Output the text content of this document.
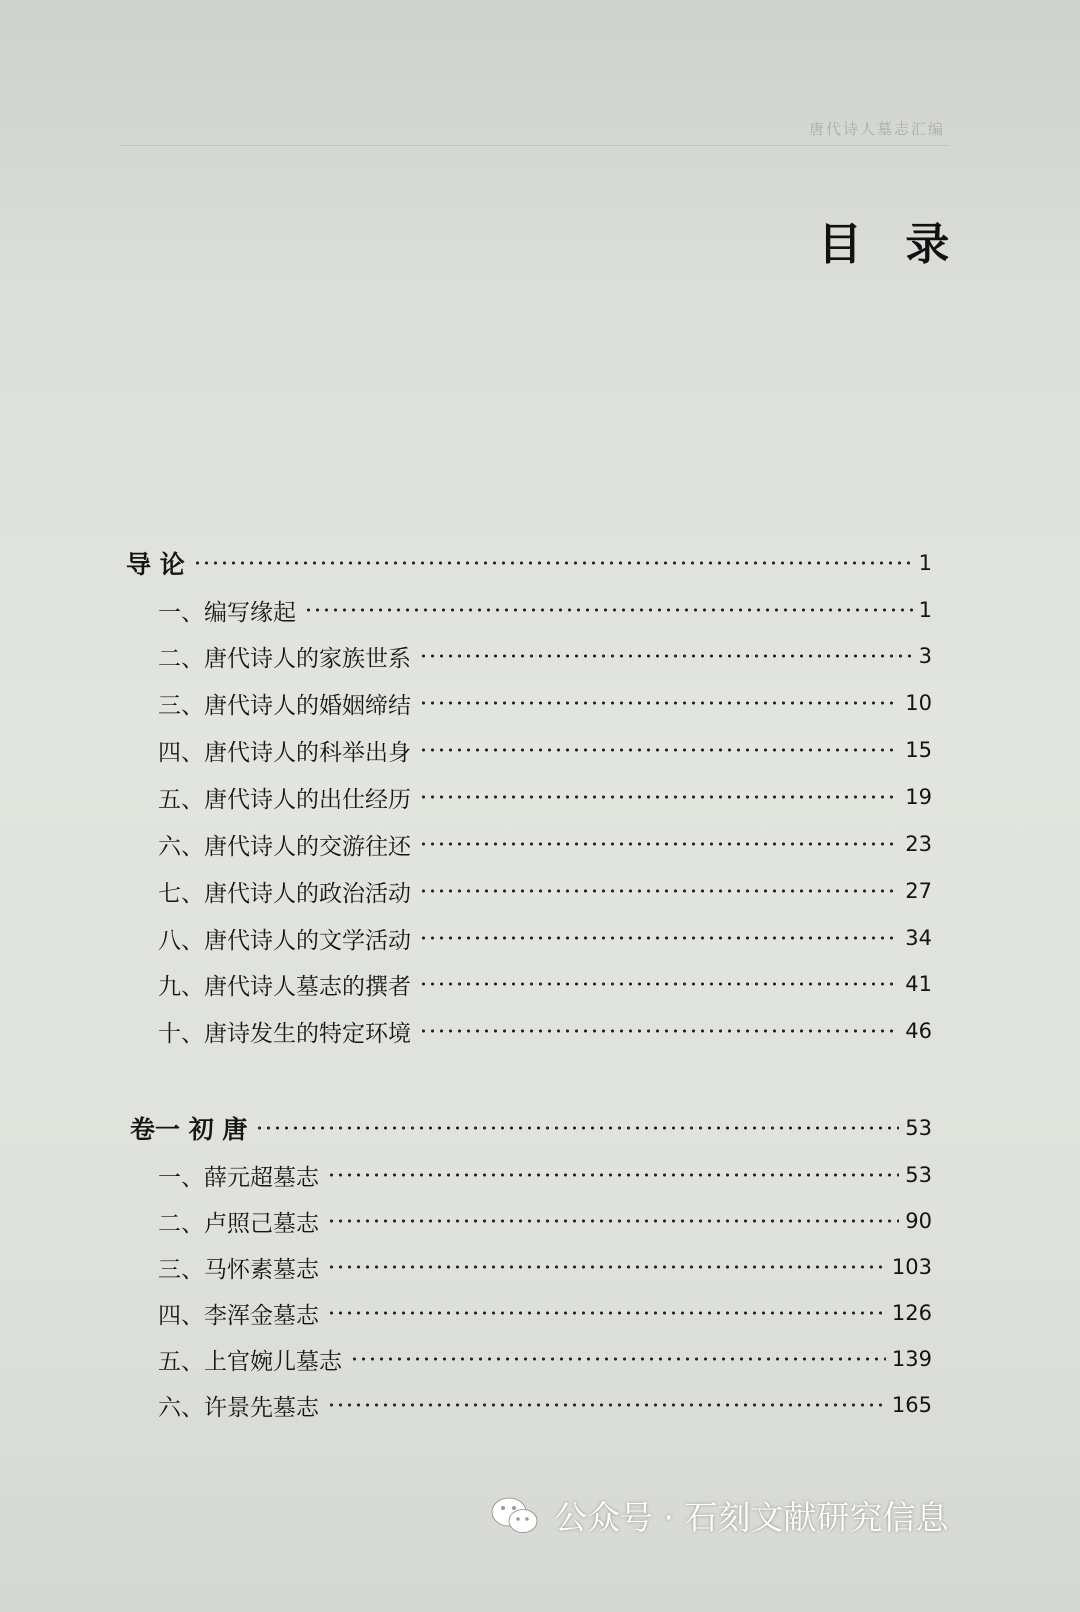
唐代诗人墓志汇编
目 录
导 论	1
一、编写缘起	1
二、唐代诗人的家族世系	3
三、唐代诗人的婚姻缔结	10
四、唐代诗人的科举出身	15
五、唐代诗人的出仕经历	19
六、唐代诗人的交游往还	23
七、唐代诗人的政治活动	27
八、唐代诗人的文学活动	34
九、唐代诗人墓志的撰者	41
十、唐诗发生的特定环境	46
卷一 初 唐	53
一、薛元超墓志	53
二、卢照己墓志	90
三、马怀素墓志	103
四、李浑金墓志	126
五、上官婉儿墓志	139
六、许景先墓志	165
公众号 · 石刻文献研究信息
